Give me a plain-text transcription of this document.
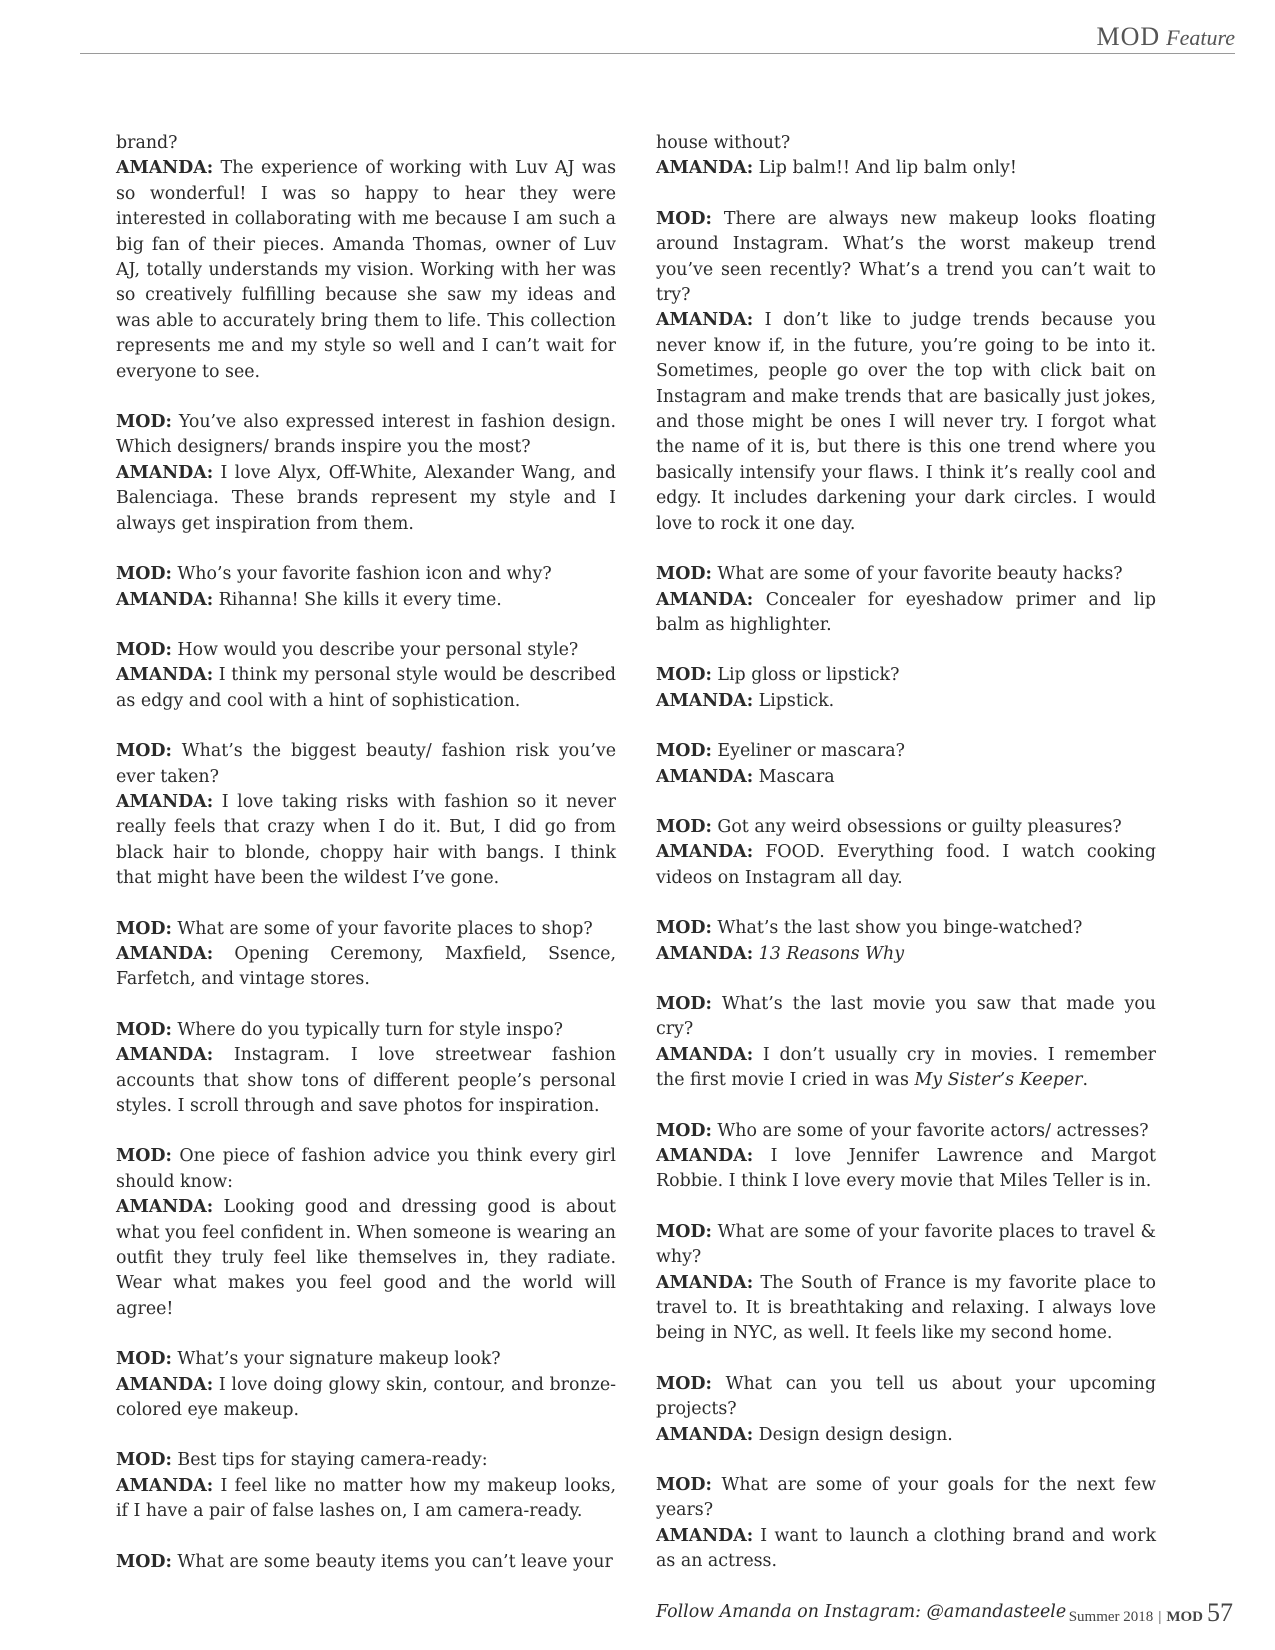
MOD Feature

brand?

AMANDA: The experience of working with Luv AJ was so wonderful! I was so happy to hear they were interested in collaborating with me because I am such a big fan of their pieces. Amanda Thomas, owner of Luv AJ, totally understands my vision. Working with her was so creatively fulfilling because she saw my ideas and was able to accurately bring them to life. This collection represents me and my style so well and I can’t wait for everyone to see.

MOD: You’ve also expressed interest in fashion design. Which designers/ brands inspire you the most?

AMANDA: I love Alyx, Off-White, Alexander Wang, and Balenciaga. These brands represent my style and I always get inspiration from them.

MOD: Who’s your favorite fashion icon and why?

AMANDA: Rihanna! She kills it every time.

MOD: How would you describe your personal style?

AMANDA: I think my personal style would be described as edgy and cool with a hint of sophistication.

MOD: What’s the biggest beauty/ fashion risk you’ve ever taken?

AMANDA: I love taking risks with fashion so it never really feels that crazy when I do it. But, I did go from black hair to blonde, choppy hair with bangs. I think that might have been the wildest I’ve gone.

MOD: What are some of your favorite places to shop?

AMANDA: Opening Ceremony, Maxfield, Ssence, Farfetch, and vintage stores.

MOD: Where do you typically turn for style inspo?

AMANDA: Instagram. I love streetwear fashion accounts that show tons of different people’s personal styles. I scroll through and save photos for inspiration.

MOD: One piece of fashion advice you think every girl should know:

AMANDA: Looking good and dressing good is about what you feel confident in. When someone is wearing an outfit they truly feel like themselves in, they radiate. Wear what makes you feel good and the world will agree!

MOD: What’s your signature makeup look?

AMANDA: I love doing glowy skin, contour, and bronze-colored eye makeup.

MOD: Best tips for staying camera-ready:

AMANDA: I feel like no matter how my makeup looks, if I have a pair of false lashes on, I am camera-ready.

MOD: What are some beauty items you can’t leave your

house without?

AMANDA: Lip balm!! And lip balm only!

MOD: There are always new makeup looks floating around Instagram. What’s the worst makeup trend you’ve seen recently? What’s a trend you can’t wait to try?

AMANDA: I don’t like to judge trends because you never know if, in the future, you’re going to be into it. Sometimes, people go over the top with click bait on Instagram and make trends that are basically just jokes, and those might be ones I will never try. I forgot what the name of it is, but there is this one trend where you basically intensify your flaws. I think it’s really cool and edgy. It includes darkening your dark circles. I would love to rock it one day.

MOD: What are some of your favorite beauty hacks?

AMANDA: Concealer for eyeshadow primer and lip balm as highlighter.

MOD: Lip gloss or lipstick?

AMANDA: Lipstick.

MOD: Eyeliner or mascara?

AMANDA: Mascara

MOD: Got any weird obsessions or guilty pleasures?

AMANDA: FOOD. Everything food. I watch cooking videos on Instagram all day.

MOD: What’s the last show you binge-watched?

AMANDA: 13 Reasons Why

MOD: What’s the last movie you saw that made you cry?

AMANDA: I don’t usually cry in movies. I remember the first movie I cried in was My Sister’s Keeper.

MOD: Who are some of your favorite actors/ actresses?

AMANDA: I love Jennifer Lawrence and Margot Robbie. I think I love every movie that Miles Teller is in.

MOD: What are some of your favorite places to travel & why?

AMANDA: The South of France is my favorite place to travel to. It is breathtaking and relaxing. I always love being in NYC, as well. It feels like my second home.

MOD: What can you tell us about your upcoming projects?

AMANDA: Design design design.

MOD: What are some of your goals for the next few years?

AMANDA: I want to launch a clothing brand and work as an actress.

Follow Amanda on Instagram: @amandasteele Summer 2018 | MOD 57
